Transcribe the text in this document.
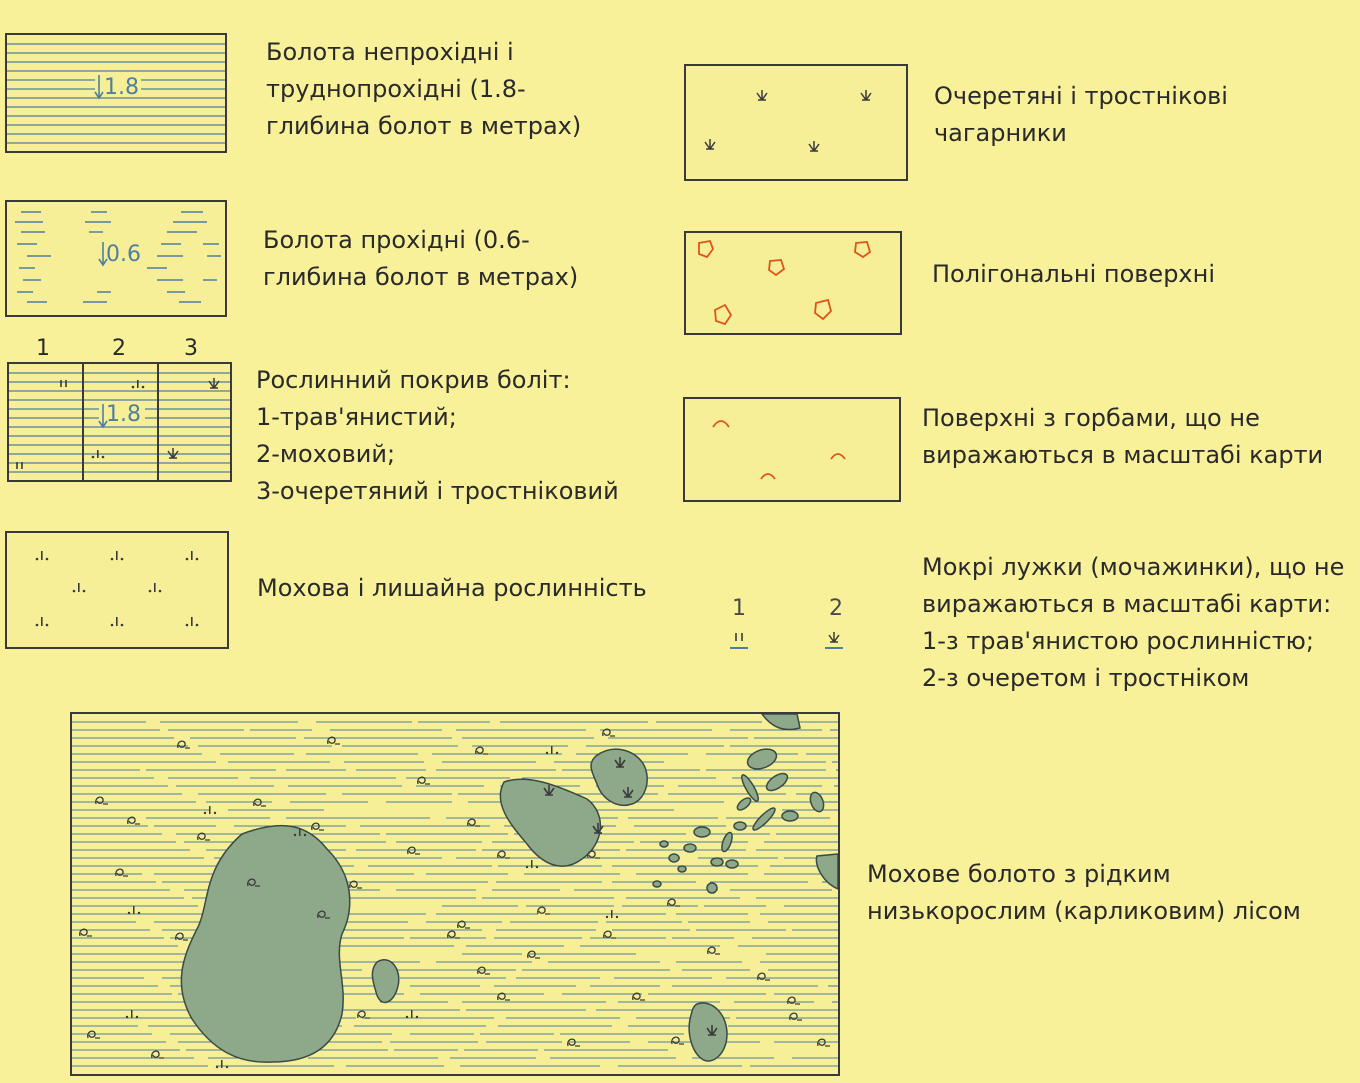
1.8
Болота непрохідні і
труднопрохідні (1.8-
глибина болот в метрах)
0.6
Болота прохідні (0.6-
глибина болот в метрах)
1	2	3
1.8
Рослинний покрив боліт:
1-трав'янистий;
2-моховий;
3-очеретяний і тростніковий
Мохова і лишайна рослинність
Очеретяні і тростнікові
чагарники
Полігональні поверхні
Поверхні з горбами, що не
виражаються в масштабі карти
1	2
Мокрі лужки (мочажинки), що не
виражаються в масштабі карти:
1-з трав'янистою рослинністю;
2-з очеретом і тростніком
Мохове болото з рідким
низькорослим (карликовим) лісом
